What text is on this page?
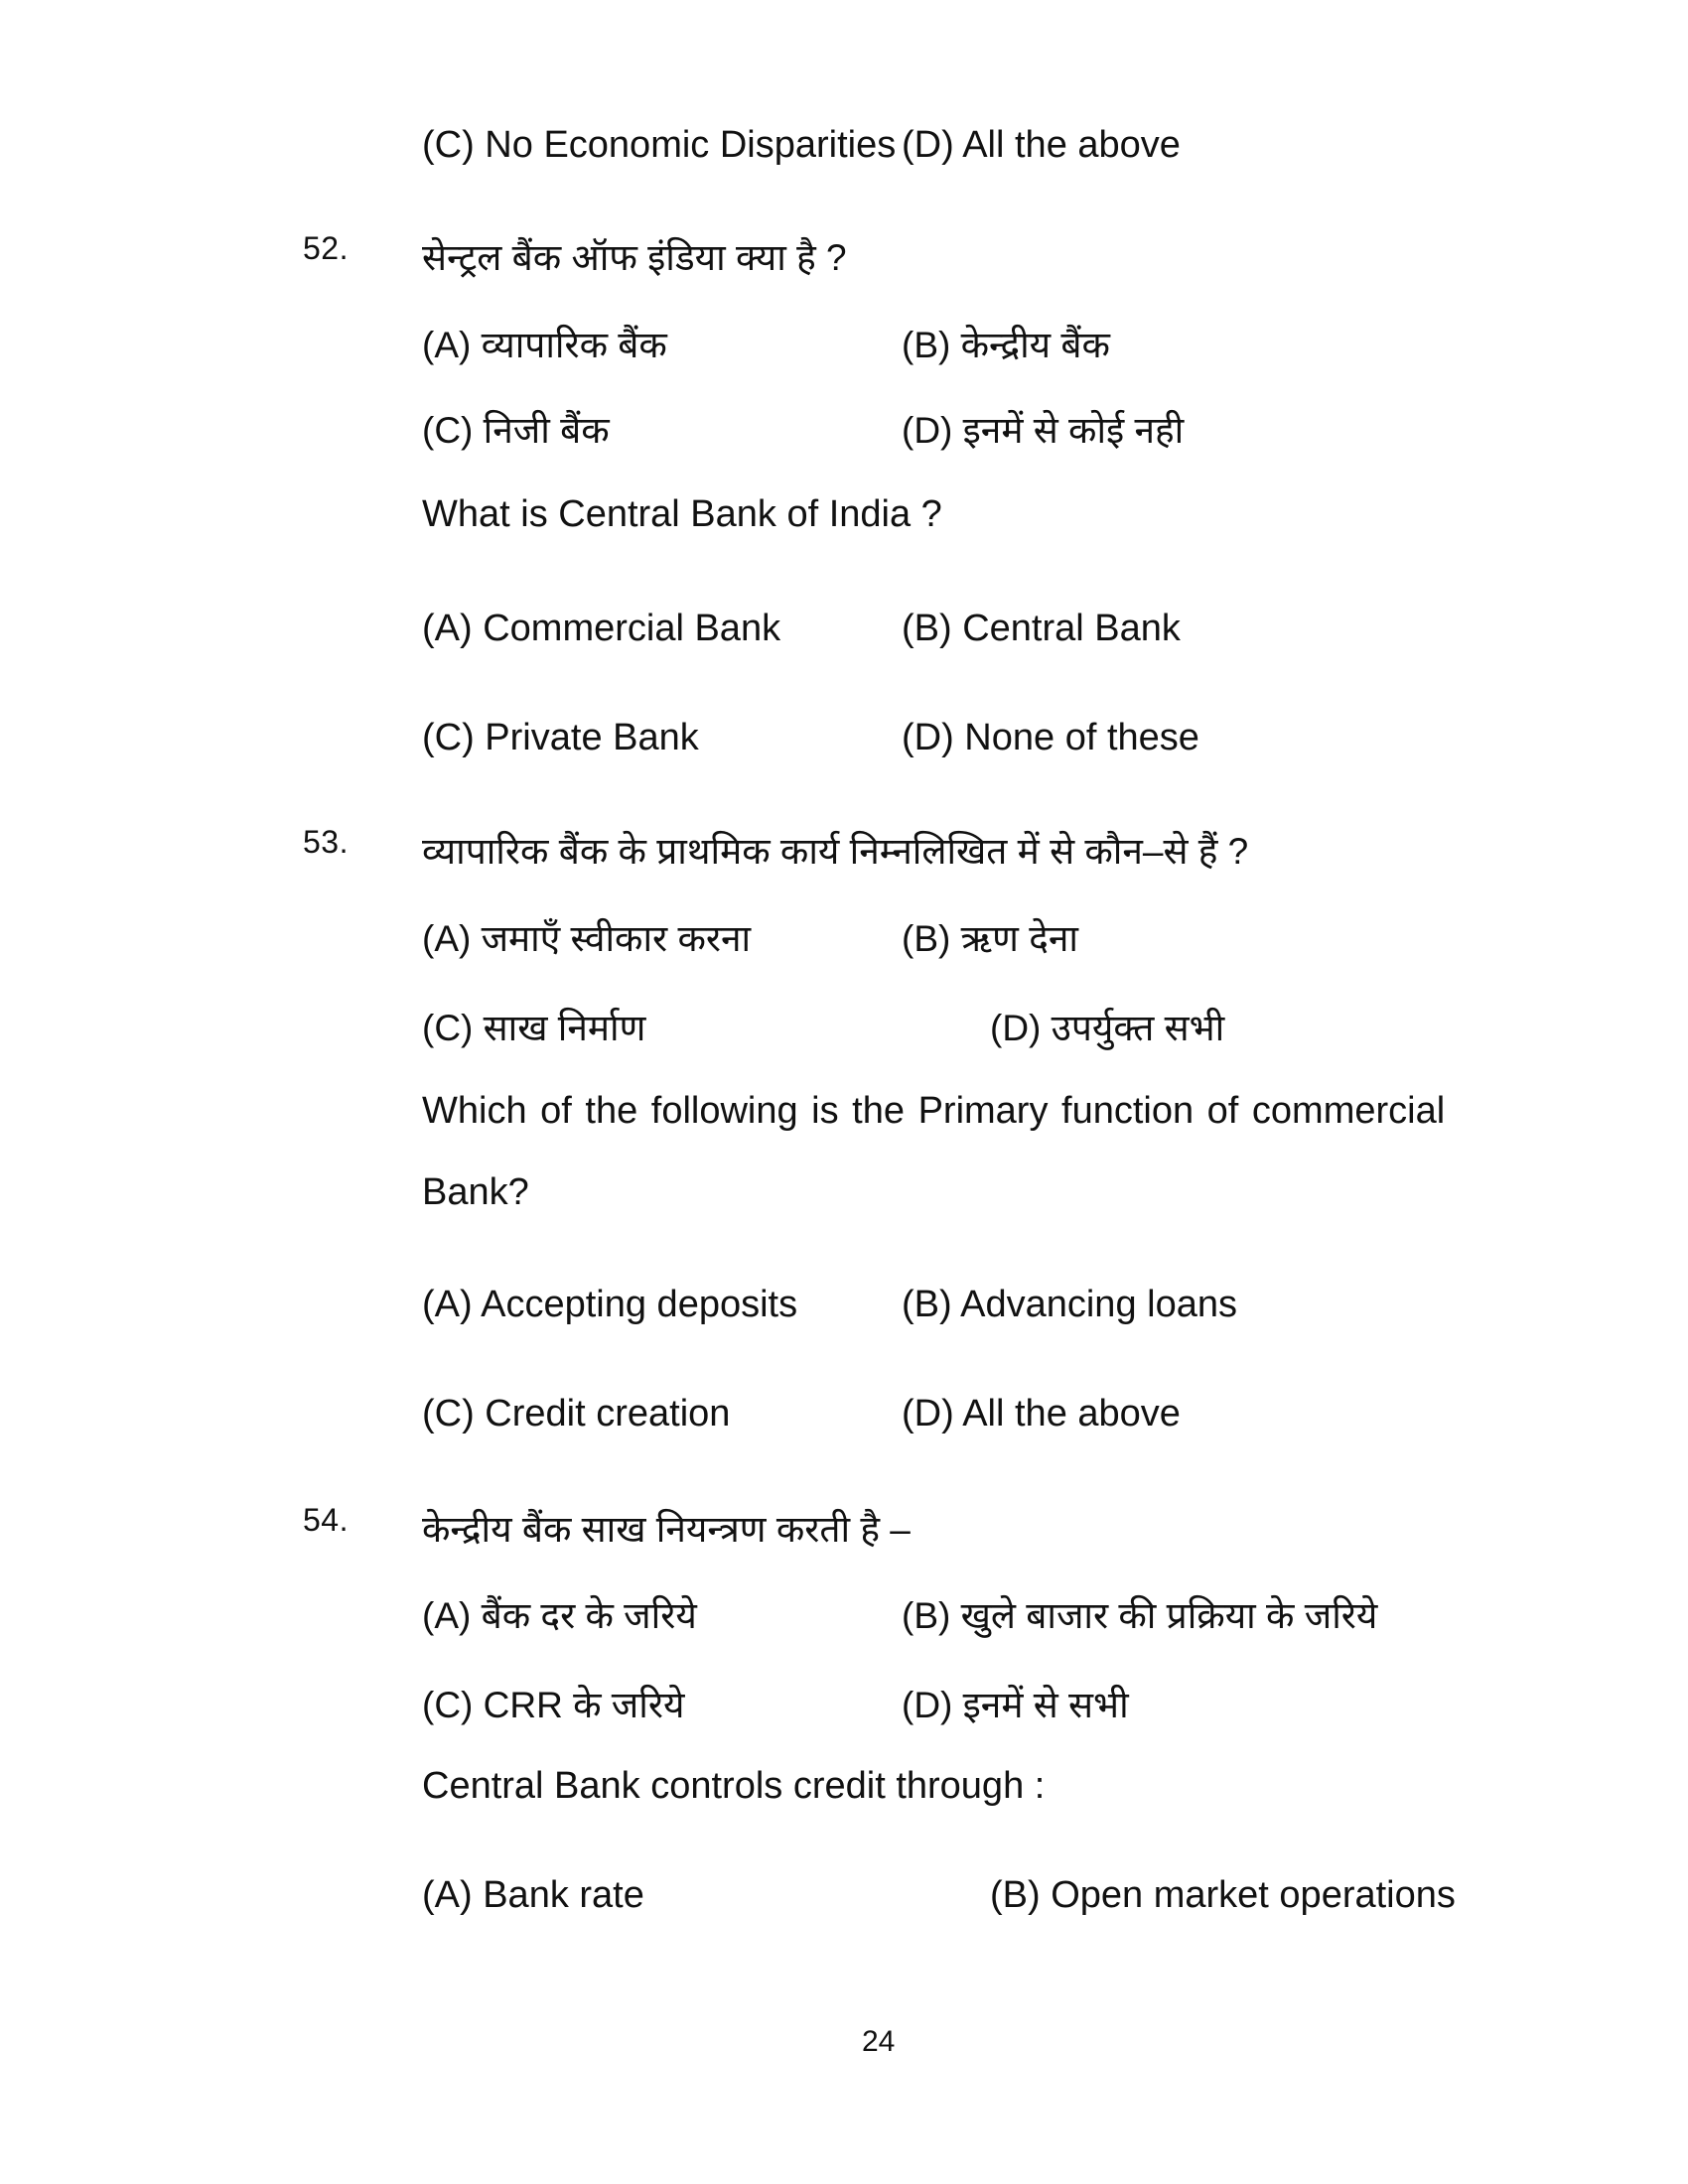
(C) No Economic Disparities (D) All the above
52. सेन्ट्रल बैंक ऑफ इंडिया क्या है ?
(A) व्यापारिक बैंक	(B) केन्द्रीय बैंक
(C) निजी बैंक	(D) इनमें से कोई नही
What is Central Bank of India ?
(A) Commercial Bank	(B) Central Bank
(C) Private Bank	(D) None of these
53. व्यापारिक बैंक के प्राथमिक कार्य निम्नलिखित में से कौन–से हैं ?
(A) जमाएँ स्वीकार करना	(B) ऋण देना
(C) साख निर्माण	(D) उपर्युक्त सभी
Which of the following is the Primary function of commercial
Bank?
(A) Accepting deposits	(B) Advancing loans
(C) Credit creation	(D) All the above
54. केन्द्रीय बैंक साख नियन्त्रण करती है –
(A) बैंक दर के जरिये	(B) खुले बाजार की प्रक्रिया के जरिये
(C) CRR के जरिये	(D) इनमें से सभी
Central Bank controls credit through :
(A) Bank rate	(B) Open market operations
24
